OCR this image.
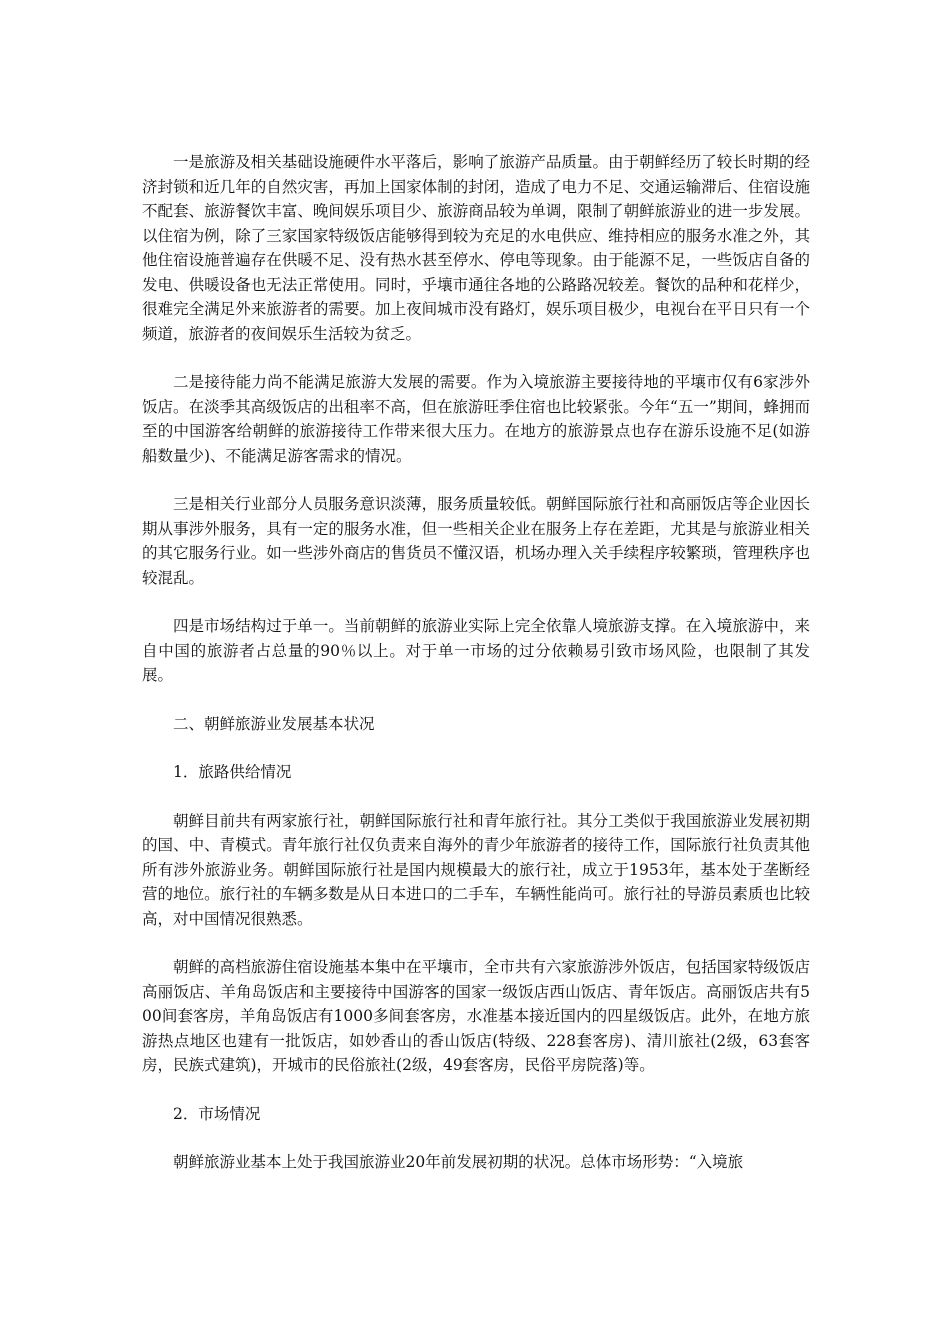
一是旅游及相关基础设施硬件水平落后，影响了旅游产品质量。由于朝鲜经历了较长时期的经济封锁和近几年的自然灾害，再加上国家体制的封闭，造成了电力不足、交通运输滞后、住宿设施不配套、旅游餐饮丰富、晚间娱乐项目少、旅游商品较为单调，限制了朝鲜旅游业的进一步发展。以住宿为例，除了三家国家特级饭店能够得到较为充足的水电供应、维持相应的服务水准之外，其他住宿设施普遍存在供暖不足、没有热水甚至停水、停电等现象。由于能源不足，一些饭店自备的发电、供暖设备也无法正常使用。同时，乎壤市通往各地的公路路况较差。餐饮的品种和花样少，很难完全满足外来旅游者的需要。加上夜间城市没有路灯，娱乐项目极少，电视台在平日只有一个频道，旅游者的夜间娱乐生活较为贫乏。

二是接待能力尚不能满足旅游大发展的需要。作为入境旅游主要接待地的平壤市仅有6家涉外饭店。在淡季其高级饭店的出租率不高，但在旅游旺季住宿也比较紧张。今年“五一”期间，蜂拥而至的中国游客给朝鲜的旅游接待工作带来很大压力。在地方的旅游景点也存在游乐设施不足(如游船数量少)、不能满足游客需求的情况。

三是相关行业部分人员服务意识淡薄，服务质量较低。朝鲜国际旅行社和高丽饭店等企业因长期从事涉外服务，具有一定的服务水准，但一些相关企业在服务上存在差距，尤其是与旅游业相关的其它服务行业。如一些涉外商店的售货员不懂汉语，机场办理入关手续程序较繁琐，管理秩序也较混乱。

四是市场结构过于单一。当前朝鲜的旅游业实际上完全依靠人境旅游支撑。在入境旅游中，来自中国的旅游者占总量的90％以上。对于单一市场的过分依赖易引致市场风险，也限制了其发展。

二、朝鲜旅游业发展基本状况

1．旅路供给情况

朝鲜目前共有两家旅行社，朝鲜国际旅行社和青年旅行社。其分工类似于我国旅游业发展初期的国、中、青模式。青年旅行社仅负责来自海外的青少年旅游者的接待工作，国际旅行社负责其他所有涉外旅游业务。朝鲜国际旅行社是国内规模最大的旅行社，成立于1953年，基本处于垄断经营的地位。旅行社的车辆多数是从日本进口的二手车，车辆性能尚可。旅行社的导游员素质也比较高，对中国情况很熟悉。

朝鲜的高档旅游住宿设施基本集中在平壤市，全市共有六家旅游涉外饭店，包括国家特级饭店高丽饭店、羊角岛饭店和主要接待中国游客的国家一级饭店西山饭店、青年饭店。高丽饭店共有500间套客房，羊角岛饭店有1000多间套客房，水准基本接近国内的四星级饭店。此外，在地方旅游热点地区也建有一批饭店，如妙香山的香山饭店(特级、228套客房)、清川旅社(2级，63套客房，民族式建筑)，开城市的民俗旅社(2级，49套客房，民俗平房院落)等。

2．市场情况

朝鲜旅游业基本上处于我国旅游业20年前发展初期的状况。总体市场形势：“入境旅
